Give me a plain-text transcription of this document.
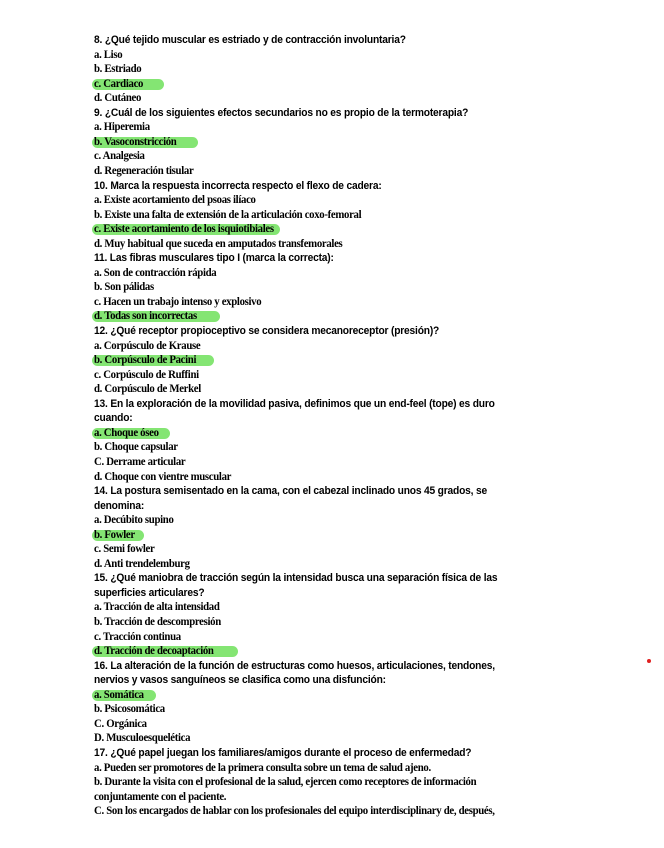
8. ¿Qué tejido muscular es estriado y de contracción involuntaria?
a. Liso
b. Estriado
c. Cardiaco
d. Cutáneo
9. ¿Cuál de los siguientes efectos secundarios no es propio de la termoterapia?
a. Hiperemia
b. Vasoconstricción
c. Analgesia
d. Regeneración tisular
10. Marca la respuesta incorrecta respecto el flexo de cadera:
a. Existe acortamiento del psoas ilíaco
b. Existe una falta de extensión de la articulación coxo-femoral
c. Existe acortamiento de los isquiotibiales
d. Muy habitual que suceda en amputados transfemorales
11. Las fibras musculares tipo I (marca la correcta):
a. Son de contracción rápida
b. Son pálidas
c. Hacen un trabajo intenso y explosivo
d. Todas son incorrectas
12. ¿Qué receptor propioceptivo se considera mecanoreceptor (presión)?
a. Corpúsculo de Krause
b. Corpúsculo de Pacini
c. Corpúsculo de Ruffini
d. Corpúsculo de Merkel
13. En la exploración de la movilidad pasiva, definimos que un end-feel (tope) es duro
cuando:
a. Choque óseo
b. Choque capsular
C. Derrame articular
d. Choque con vientre muscular
14. La postura semisentado en la cama, con el cabezal inclinado unos 45 grados, se
denomina:
a. Decúbito supino
b. Fowler
c. Semi fowler
d. Anti trendelemburg
15. ¿Qué maniobra de tracción según la intensidad busca una separación física de las
superficies articulares?
a. Tracción de alta intensidad
b. Tracción de descompresión
c. Tracción continua
d. Tracción de decoaptación
16. La alteración de la función de estructuras como huesos, articulaciones, tendones,
nervios y vasos sanguíneos se clasifica como una disfunción:
a. Somática
b. Psicosomática
C. Orgánica
D. Musculoesquelética
17. ¿Qué papel juegan los familiares/amigos durante el proceso de enfermedad?
a. Pueden ser promotores de la primera consulta sobre un tema de salud ajeno.
b. Durante la visita con el profesional de la salud, ejercen como receptores de información
conjuntamente con el paciente.
C. Son los encargados de hablar con los profesionales del equipo interdisciplinary de, después,
